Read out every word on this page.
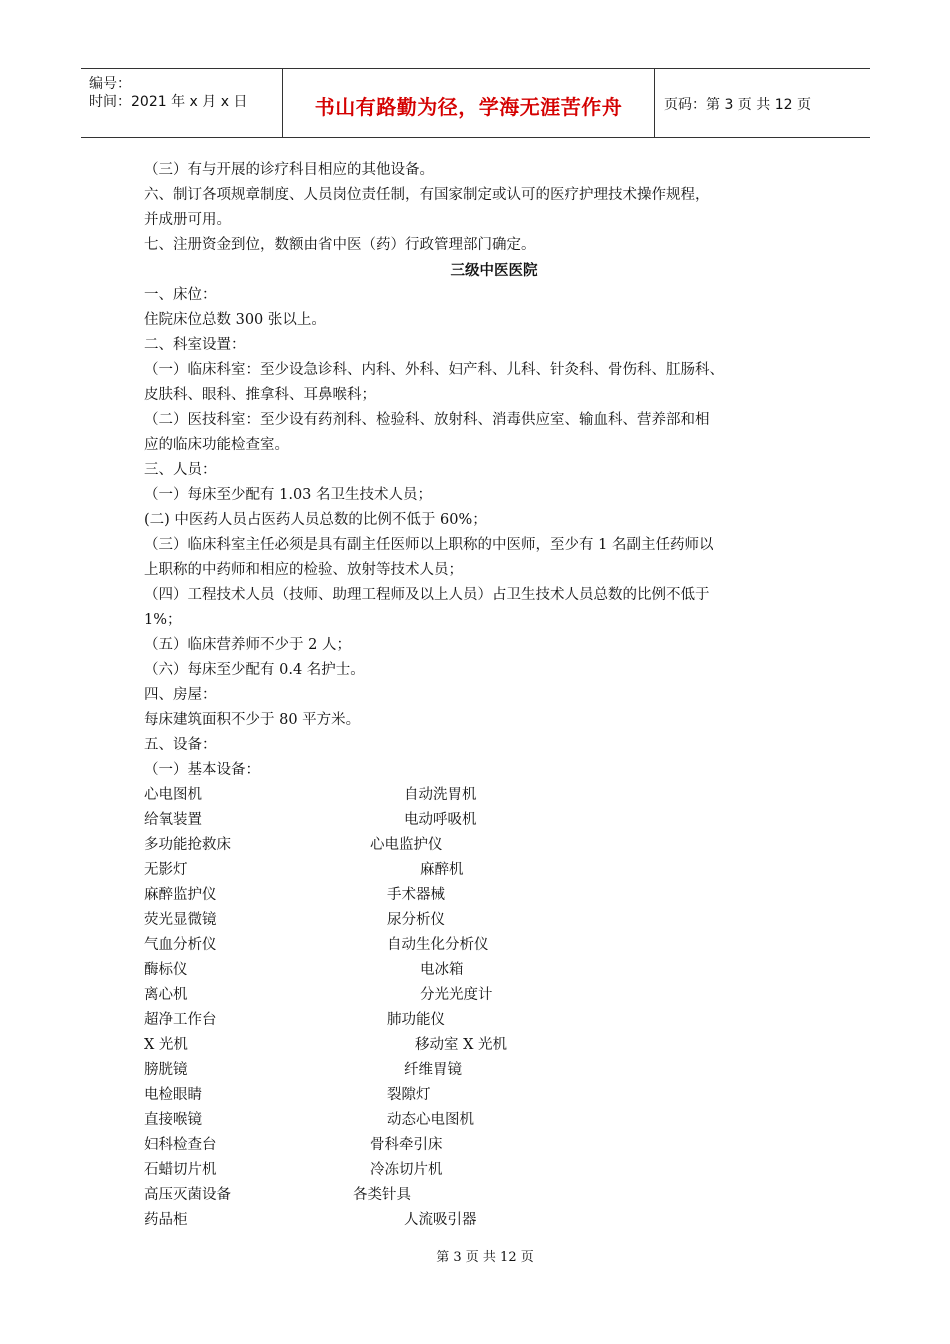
编号：
时间：2021 年 x 月 x 日	书山有路勤为径，学海无涯苦作舟	页码：第 3 页 共 12 页
（三）有与开展的诊疗科目相应的其他设备。
六、制订各项规章制度、人员岗位责任制，有国家制定或认可的医疗护理技术操作规程，
并成册可用。
七、注册资金到位，数额由省中医（药）行政管理部门确定。
三级中医医院
一、床位：
住院床位总数 300 张以上。
二、科室设置：
（一）临床科室：至少设急诊科、内科、外科、妇产科、儿科、针灸科、骨伤科、肛肠科、
皮肤科、眼科、推拿科、耳鼻喉科；
（二）医技科室：至少设有药剂科、检验科、放射科、消毒供应室、输血科、营养部和相
应的临床功能检查室。
三、人员：
（一）每床至少配有 1.03 名卫生技术人员；
(二) 中医药人员占医药人员总数的比例不低于 60%；
（三）临床科室主任必须是具有副主任医师以上职称的中医师，至少有 1 名副主任药师以
上职称的中药师和相应的检验、放射等技术人员；
（四）工程技术人员（技师、助理工程师及以上人员）占卫生技术人员总数的比例不低于
1%；
（五）临床营养师不少于 2 人；
（六）每床至少配有 0.4 名护士。
四、房屋：
每床建筑面积不少于 80 平方米。
五、设备：
（一）基本设备：
心电图机	自动洗胃机
给氧装置	电动呼吸机
多功能抢救床	心电监护仪
无影灯	麻醉机
麻醉监护仪	手术器械
荧光显微镜	尿分析仪
气血分析仪	自动生化分析仪
酶标仪	电冰箱
离心机	分光光度计
超净工作台	肺功能仪
X 光机	移动室 X 光机
膀胱镜	纤维胃镜
电检眼睛	裂隙灯
直接喉镜	动态心电图机
妇科检查台	骨科牵引床
石蜡切片机	冷冻切片机
高压灭菌设备	各类针具
药品柜	人流吸引器
第 3 页 共 12 页
